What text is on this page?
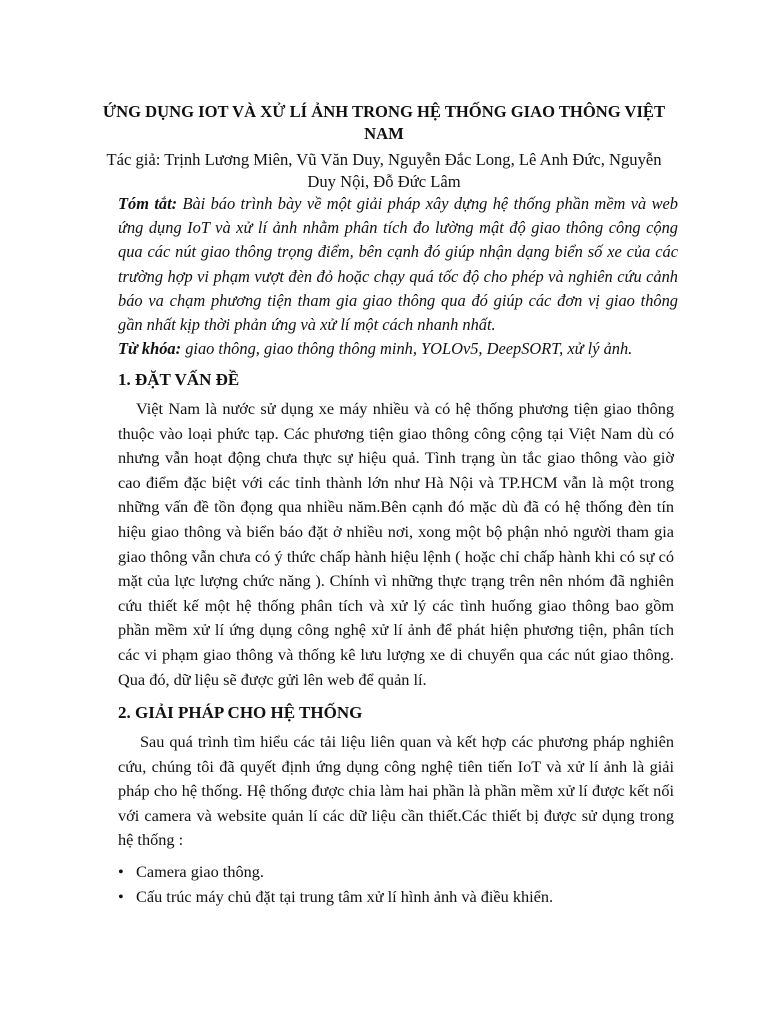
ỨNG DỤNG IOT VÀ XỬ LÍ ẢNH TRONG HỆ THỐNG GIAO THÔNG VIỆT NAM
Tác giả: Trịnh Lương Miên, Vũ Văn Duy, Nguyễn Đắc Long, Lê Anh Đức, Nguyễn Duy Nội, Đỗ Đức Lâm

Tóm tắt: Bài báo trình bày về một giải pháp xây dựng hệ thống phần mềm và web ứng dụng IoT và xử lí ảnh nhằm phân tích đo lường mật độ giao thông công cộng qua các nút giao thông trọng điểm, bên cạnh đó giúp nhận dạng biển số xe của các trường hợp vi phạm vượt đèn đỏ hoặc chạy quá tốc độ cho phép và nghiên cứu cảnh báo va chạm phương tiện tham gia giao thông qua đó giúp các đơn vị giao thông gần nhất kịp thời phản ứng và xử lí một cách nhanh nhất.

Từ khóa: giao thông, giao thông thông minh, YOLOv5, DeepSORT, xử lý ảnh.

1. ĐẶT VẤN ĐỀ

Việt Nam là nước sử dụng xe máy nhiều và có hệ thống phương tiện giao thông thuộc vào loại phức tạp. Các phương tiện giao thông công cộng tại Việt Nam dù có nhưng vẫn hoạt động chưa thực sự hiệu quả. Tình trạng ùn tắc giao thông vào giờ cao điểm đặc biệt với các tỉnh thành lớn như Hà Nội và TP.HCM vẫn là một trong những vấn đề tồn đọng qua nhiều năm.Bên cạnh đó mặc dù đã có hệ thống đèn tín hiệu giao thông và biển báo đặt ở nhiều nơi, xong một bộ phận nhỏ người tham gia giao thông vẫn chưa có ý thức chấp hành hiệu lệnh ( hoặc chỉ chấp hành khi có sự có mặt của lực lượng chức năng ). Chính vì những thực trạng trên nên nhóm đã nghiên cứu thiết kế một hệ thống phân tích và xử lý các tình huống giao thông bao gồm phần mềm xử lí ứng dụng công nghệ xử lí ảnh để phát hiện phương tiện, phân tích các vi phạm giao thông và thống kê lưu lượng xe di chuyển qua các nút giao thông. Qua đó, dữ liệu sẽ được gửi lên web để quản lí.

2. GIẢI PHÁP CHO HỆ THỐNG

Sau quá trình tìm hiểu các tải liệu liên quan và kết hợp các phương pháp nghiên cứu, chúng tôi đã quyết định ứng dụng công nghệ tiên tiến IoT và xử lí ảnh là giải pháp cho hệ thống. Hệ thống được chia làm hai phần là phần mềm xử lí được kết nối với camera và website quản lí các dữ liệu cần thiết.Các thiết bị được sử dụng trong hệ thống :

• Camera giao thông.
• Cấu trúc máy chủ đặt tại trung tâm xử lí hình ảnh và điều khiển.
